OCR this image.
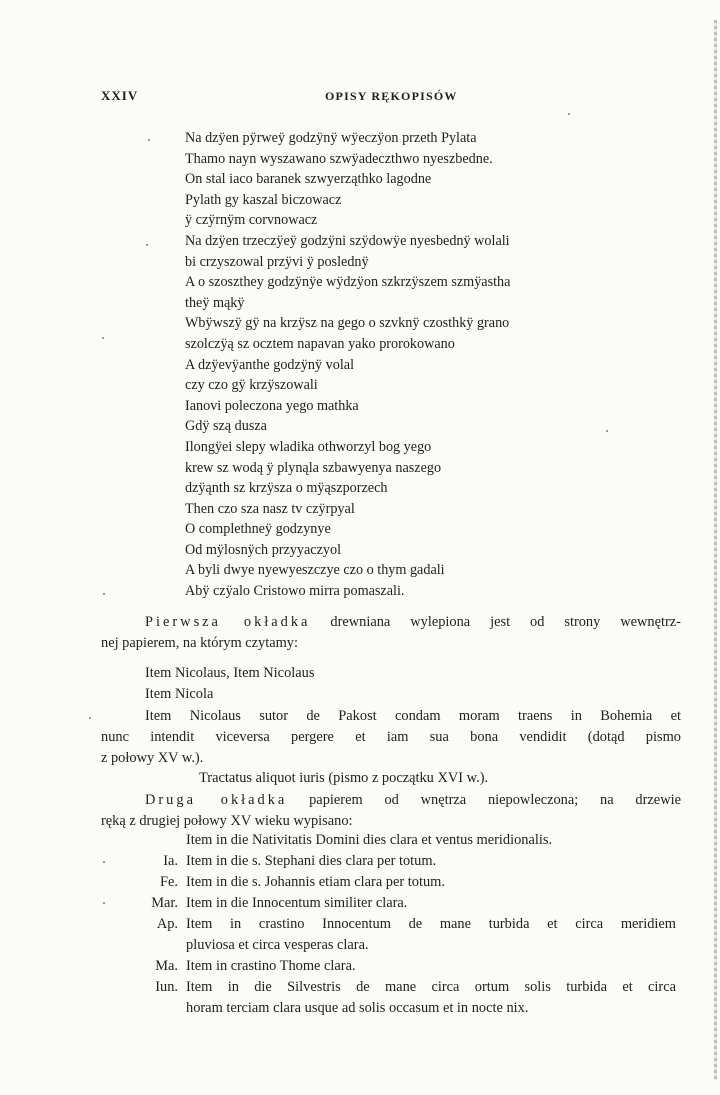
XXIV	OPISY RĘKOPISÓW
Na dzÿen pÿrweÿ godzÿnÿ wÿeczÿon przeth Pylata
Thamo nayn wyszawano szwÿadeczthwo nyeszbedne.
On stal iaco baranek szwyerząthko lagodne
Pylath gy kaszal biczowacz
ÿ czÿrnÿm corvnowacz
Na dzÿen trzeczÿeÿ godzÿni szÿdowÿe nyesbednÿ wolali
bi crzyszowal przÿvi ÿ poslednÿ
A o szoszthey godzÿnÿe wÿdzÿon szkrzÿszem szmÿastha
theÿ mąkÿ
Wbÿwszÿ gÿ na krzÿsz na gego o szvknÿ czosthkÿ grano
szolczÿą sz ocztem napavan yako prorokowano
A dzÿevÿanthe godzÿnÿ volal
czy czo gÿ krzÿszowali
Ianovi poleczona yego mathka
Gdÿ szą dusza
Ilongÿei slepy wladika othworzyl bog yego
krew sz wodą ÿ plynąla szbawyenya naszego
dzÿąnth sz krzÿsza o mÿąszporzech
Then czo sza nasz tv czÿrpyal
O complethneÿ godzynye
Od mÿlosnÿch przyyaczyol
A byli dwye nyewyeszczye czo o thym gadali
Abÿ czÿalo Cristowo mirra pomaszali.
Pierwsza okładka drewniana wylepiona jest od strony wewnętrz-
nej papierem, na którym czytamy:
Item Nicolaus, Item Nicolaus
Item Nicola
Item Nicolaus sutor de Pakost condam moram traens in Bohemia et
nunc intendit viceversa pergere et iam sua bona vendidit (dotąd pismo
z połowy XV w.).
Tractatus aliquot iuris (pismo z początku XVI w.).
Druga okładka papierem od wnętrza niepowleczona; na drzewie
ręką z drugiej połowy XV wieku wypisano:
Item in die Nativitatis Domini dies clara et ventus meridionalis.
Ia. Item in die s. Stephani dies clara per totum.
Fe. Item in die s. Johannis etiam clara per totum.
Mar. Item in die Innocentum similiter clara.
Ap. Item in crastino Innocentum de mane turbida et circa meridiem
pluviosa et circa vesperas clara.
Ma. Item in crastino Thome clara.
Iun. Item in die Silvestris de mane circa ortum solis turbida et circa
horam terciam clara usque ad solis occasum et in nocte nix.
